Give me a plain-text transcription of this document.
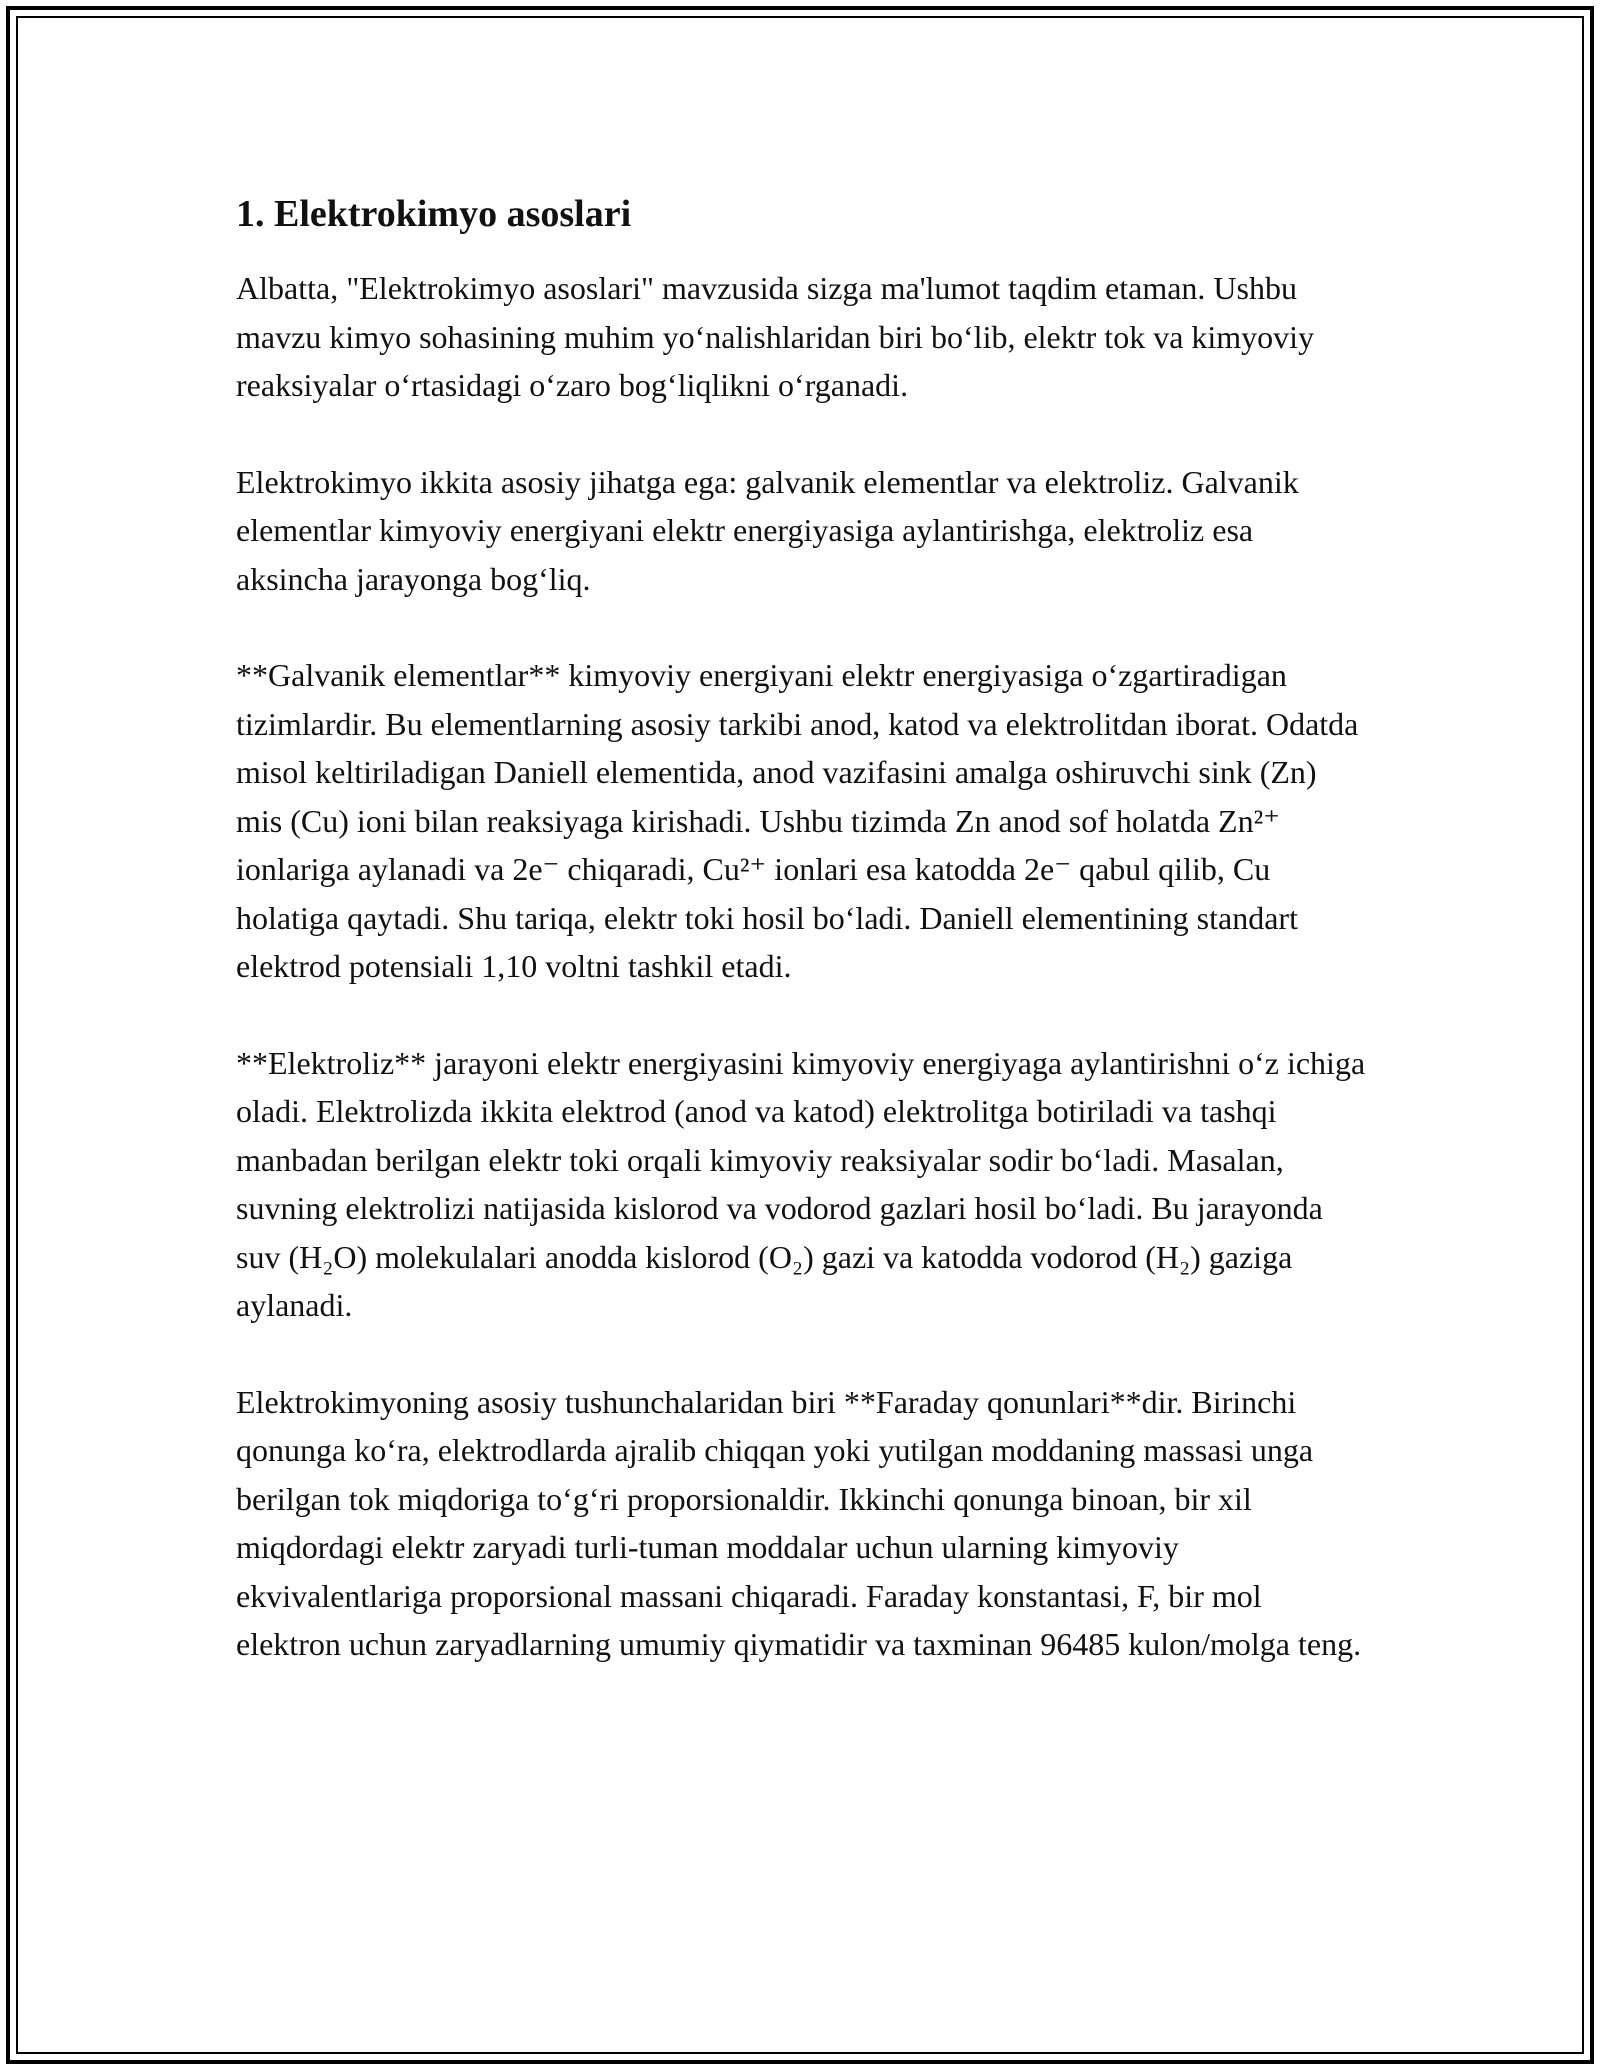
1. Elektrokimyo asoslari

Albatta, "Elektrokimyo asoslari" mavzusida sizga ma'lumot taqdim etaman. Ushbu mavzu kimyo sohasining muhim yoʻnalishlaridan biri boʻlib, elektr tok va kimyoviy reaksiyalar oʻrtasidagi oʻzaro bogʻliqlikni oʻrganadi.

Elektrokimyo ikkita asosiy jihatga ega: galvanik elementlar va elektroliz. Galvanik elementlar kimyoviy energiyani elektr energiyasiga aylantirishga, elektroliz esa aksincha jarayonga bogʻliq.

**Galvanik elementlar** kimyoviy energiyani elektr energiyasiga oʻzgartiradigan tizimlardir. Bu elementlarning asosiy tarkibi anod, katod va elektrolitdan iborat. Odatda misol keltiriladigan Daniell elementida, anod vazifasini amalga oshiruvchi sink (Zn) mis (Cu) ioni bilan reaksiyaga kirishadi. Ushbu tizimda Zn anod sof holatda Zn²⁺ ionlariga aylanadi va 2e⁻ chiqaradi, Cu²⁺ ionlari esa katodda 2e⁻ qabul qilib, Cu holatiga qaytadi. Shu tariqa, elektr toki hosil boʻladi. Daniell elementining standart elektrod potensiali 1,10 voltni tashkil etadi.

**Elektroliz** jarayoni elektr energiyasini kimyoviy energiyaga aylantirishni oʻz ichiga oladi. Elektrolizda ikkita elektrod (anod va katod) elektrolitga botiriladi va tashqi manbadan berilgan elektr toki orqali kimyoviy reaksiyalar sodir boʻladi. Masalan, suvning elektrolizi natijasida kislorod va vodorod gazlari hosil boʻladi. Bu jarayonda suv (H₂O) molekulalari anodda kislorod (O₂) gazi va katodda vodorod (H₂) gaziga aylanadi.

Elektrokimyoning asosiy tushunchalaridan biri **Faraday qonunlari**dir. Birinchi qonunga koʻra, elektrodlarda ajralib chiqqan yoki yutilgan moddaning massasi unga berilgan tok miqdoriga toʻgʻri proporsionaldir. Ikkinchi qonunga binoan, bir xil miqdordagi elektr zaryadi turli-tuman moddalar uchun ularning kimyoviy ekvivalentlariga proporsional massani chiqaradi. Faraday konstantasi, F, bir mol elektron uchun zaryadlarning umumiy qiymatidir va taxminan 96485 kulon/molga teng.
